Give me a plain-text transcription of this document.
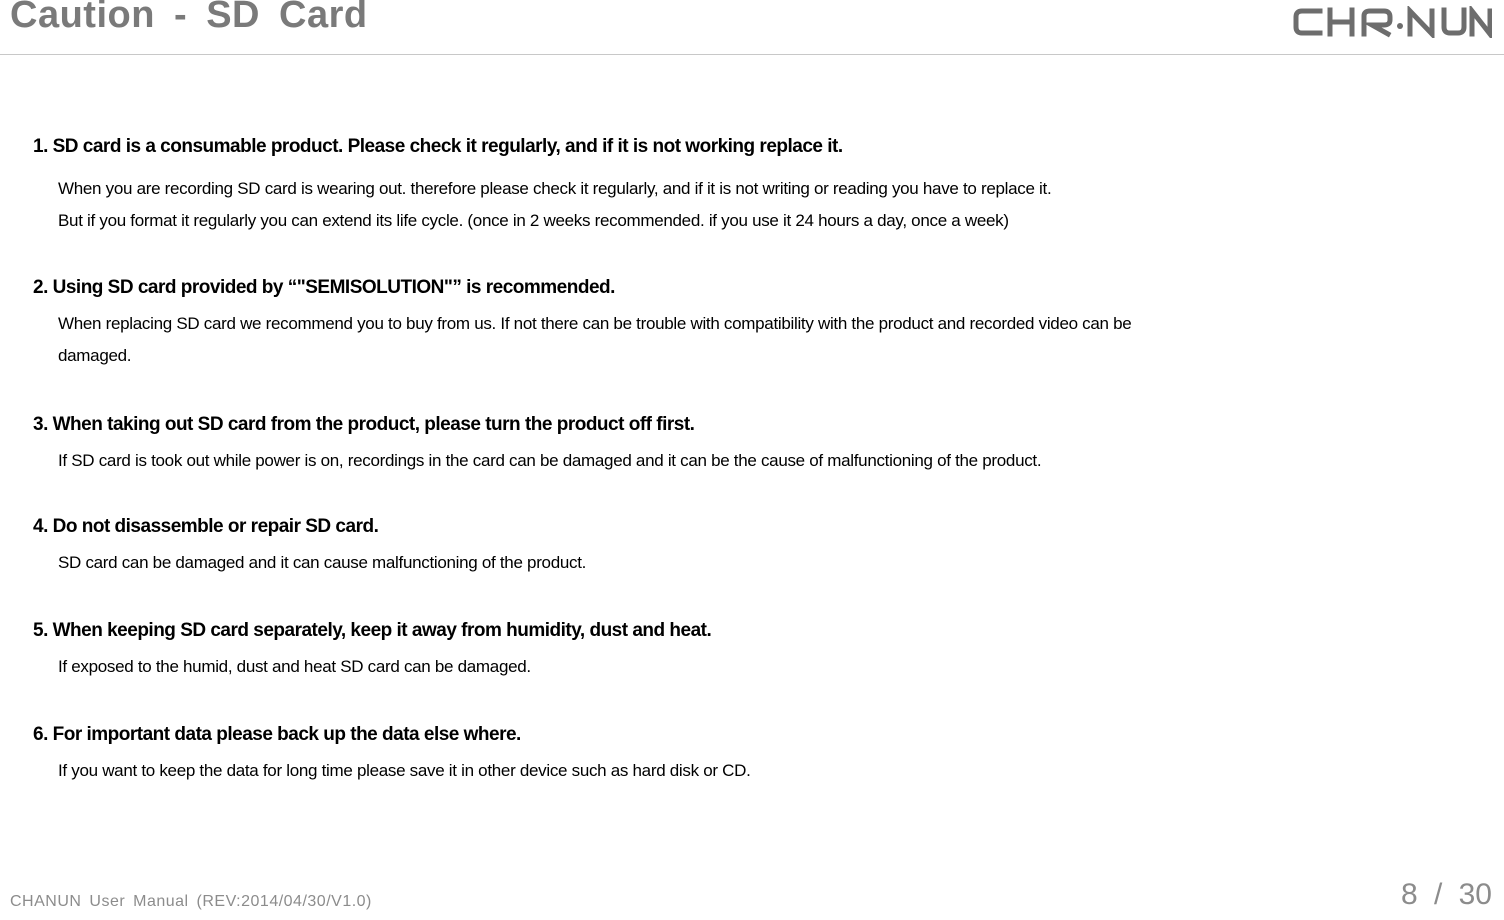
Caution - SD Card
1. SD card is a consumable product. Please check it regularly, and if it is not working replace it.
When you are recording SD card is wearing out. therefore please check it regularly, and if it is not writing or reading you have to replace it.
But if you format it regularly you can extend its life cycle. (once in 2 weeks recommended. if you use it 24 hours a day, once a week)
2. Using SD card provided by “"SEMISOLUTION"” is recommended.
When replacing SD card we recommend you to buy from us. If not there can be trouble with compatibility with the product and recorded video can be
damaged.
3. When taking out SD card from the product, please turn the product off first.
If SD card is took out while power is on, recordings in the card can be damaged and it can be the cause of malfunctioning of the product.
4. Do not disassemble or repair SD card.
SD card can be damaged and it can cause malfunctioning of the product.
5. When keeping SD card separately, keep it away from humidity, dust and heat.
If exposed to the humid, dust and heat SD card can be damaged.
6. For important data please back up the data else where.
If you want to keep the data for long time please save it in other device such as hard disk or CD.
CHANUN User Manual (REV:2014/04/30/V1.0)	8 / 30
